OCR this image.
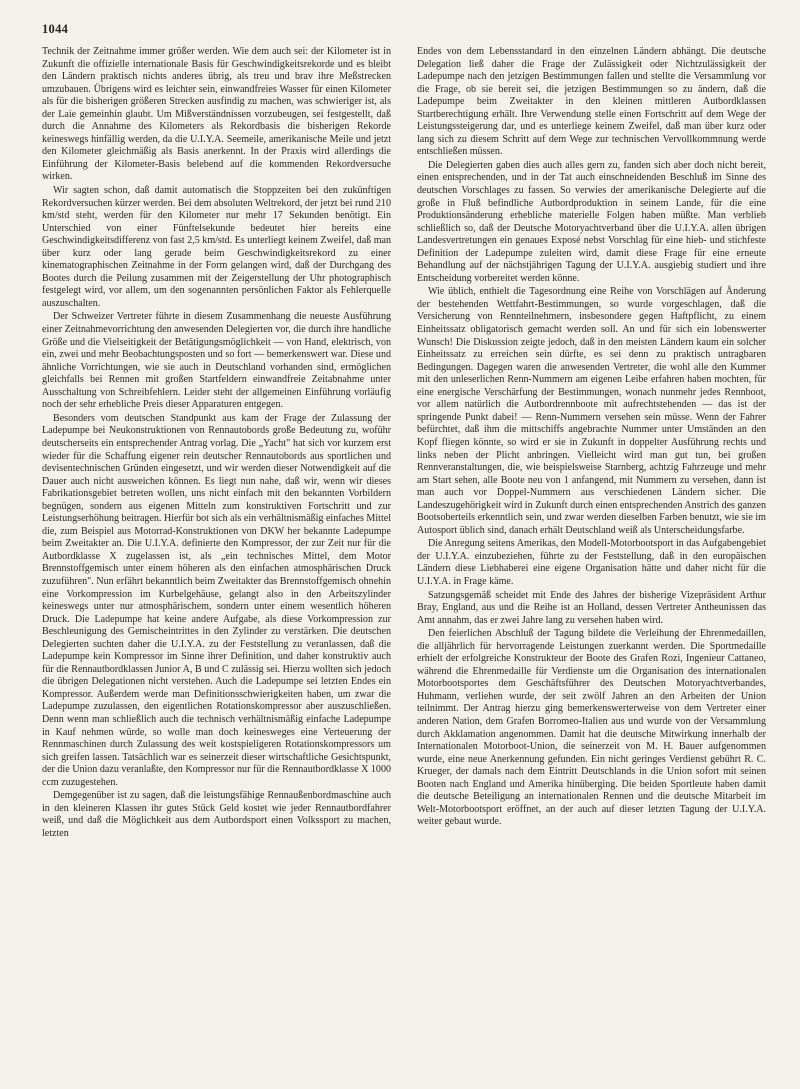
1044

Technik der Zeitnahme immer größer werden. Wie dem auch sei: der Kilometer ist in Zukunft die offizielle internationale Basis für Geschwindigkeitsrekorde und es bleibt den Ländern praktisch nichts anderes übrig, als treu und brav ihre Meßstrecken umzubauen. Übrigens wird es leichter sein, einwandfreies Wasser für einen Kilometer als für die bisherigen größeren Strecken ausfindig zu machen, was schwieriger ist, als der Laie gemeinhin glaubt. Um Mißverständnissen vorzubeugen, sei festgestellt, daß durch die Annahme des Kilometers als Rekordbasis die bisherigen Rekorde keineswegs hinfällig werden, da die U.I.Y.A. Seemeile, amerikanische Meile und jetzt den Kilometer gleichmäßig als Basis anerkennt. In der Praxis wird allerdings die Einführung der Kilometer-Basis belebend auf die kommenden Rekordversuche wirken.

Wir sagten schon, daß damit automatisch die Stoppzeiten bei den zukünftigen Rekordversuchen kürzer werden. Bei dem absoluten Weltrekord, der jetzt bei rund 210 km/std steht, werden für den Kilometer nur mehr 17 Sekunden benötigt. Ein Unterschied von einer Fünftelsekunde bedeutet hier bereits eine Geschwindigkeitsdifferenz von fast 2,5 km/std. Es unterliegt keinem Zweifel, daß man über kurz oder lang gerade beim Geschwindigkeitsrekord zu einer kinematographischen Zeitnahme in der Form gelangen wird, daß der Durchgang des Bootes durch die Peilung zusammen mit der Zeigerstellung der Uhr photographisch festgelegt wird, vor allem, um den sogenannten persönlichen Faktor als Fehlerquelle auszuschalten.

Der Schweizer Vertreter führte in diesem Zusammenhang die neueste Ausführung einer Zeitnahmevorrichtung den anwesenden Delegierten vor, die durch ihre handliche Größe und die Vielseitigkeit der Betätigungsmöglichkeit — von Hand, elektrisch, von ein, zwei und mehr Beobachtungsposten und so fort — bemerkenswert war. Diese und ähnliche Vorrichtungen, wie sie auch in Deutschland vorhanden sind, ermöglichen gleichfalls bei Rennen mit großen Startfeldern einwandfreie Zeitabnahme unter Ausschaltung von Schreibfehlern. Leider steht der allgemeinen Einführung vorläufig noch der sehr erhebliche Preis dieser Apparaturen entgegen.

Besonders vom deutschen Standpunkt aus kam der Frage der Zulassung der Ladepumpe bei Neukonstruktionen von Rennautobords große Bedeutung zu, woführ deutscherseits ein entsprechender Antrag vorlag. Die „Yacht" hat sich vor kurzem erst wieder für die Schaffung eigener rein deutscher Rennautobords aus sportlichen und devisentechnischen Gründen eingesetzt, und wir werden dieser Notwendigkeit auf die Dauer auch nicht ausweichen können. Es liegt nun nahe, daß wir, wenn wir dieses Fabrikationsgebiet betreten wollen, uns nicht einfach mit den bekannten Vorbildern begnügen, sondern aus eigenen Mitteln zum konstruktiven Fortschritt und zur Leistungserhöhung beitragen. Hierfür bot sich als ein verhältnismäßig einfaches Mittel die, zum Beispiel aus Motorrad-Konstruktionen von DKW her bekannte Ladepumpe beim Zweitakter an. Die U.I.Y.A. definierte den Kompressor, der zur Zeit nur für die Autbordklasse X zugelassen ist, als „ein technisches Mittel, dem Motor Brennstoffgemisch unter einem höheren als den einfachen atmosphärischen Druck zuzuführen". Nun erfährt bekanntlich beim Zweitakter das Brennstoffgemisch ohnehin eine Vorkompression im Kurbelgehäuse, gelangt also in den Arbeitszylinder keineswegs unter nur atmosphärischem, sondern unter einem wesentlich höheren Druck. Die Ladepumpe hat keine andere Aufgabe, als diese Vorkompression zur Beschleunigung des Gemischeintrittes in den Zylinder zu verstärken. Die deutschen Delegierten suchten daher die U.I.Y.A. zu der Feststellung zu veranlassen, daß die Ladepumpe kein Kompressor im Sinne ihrer Definition, und daher konstruktiv auch für die Rennautbordklassen Junior A, B und C zulässig sei. Hierzu wollten sich jedoch die übrigen Delegationen nicht verstehen. Auch die Ladepumpe sei letzten Endes ein Kompressor. Außerdem werde man Definitionsschwierigkeiten haben, um zwar die Ladepumpe zuzulassen, den eigentlichen Rotationskompressor aber auszuschließen. Denn wenn man schließlich auch die technisch verhältnismäßig einfache Ladepumpe in Kauf nehmen würde, so wolle man doch keinesweges eine Verteuerung der Rennmaschinen durch Zulassung des weit kostspieligeren Rotationskompressors um sich greifen lassen. Tatsächlich war es seinerzeit dieser wirtschaftliche Gesichtspunkt, der die Union dazu veranlaßte, den Kompressor nur für die Rennautbordklasse X 1000 ccm zuzugestehen.

Demgegenüber ist zu sagen, daß die leistungsfähige Rennaußenbordmaschine auch in den kleineren Klassen ihr gutes Stück Geld kostet wie jeder Rennautbordfahrer weiß, und daß die Möglichkeit aus dem Autbordsport einen Volkssport zu machen, letzten

Endes von dem Lebensstandard in den einzelnen Ländern abhängt. Die deutsche Delegation ließ daher die Frage der Zulässigkeit oder Nichtzulässigkeit der Ladepumpe nach den jetzigen Bestimmungen fallen und stellte die Versammlung vor die Frage, ob sie bereit sei, die jetzigen Bestimmungen so zu ändern, daß die Ladepumpe beim Zweitakter in den kleinen mittleren Autbordklassen Startberechtigung erhält. Ihre Verwendung stelle einen Fortschritt auf dem Wege der Leistungssteigerung dar, und es unterliege keinem Zweifel, daß man über kurz oder lang sich zu diesem Schritt auf dem Wege zur technischen Vervollkommnung werde entschließen müssen.

Die Delegierten gaben dies auch alles gern zu, fanden sich aber doch nicht bereit, einen entsprechenden, und in der Tat auch einschneidenden Beschluß im Sinne des deutschen Vorschlages zu fassen. So verwies der amerikanische Delegierte auf die große in Fluß befindliche Autbordproduktion in seinem Lande, für die eine Produktionsänderung erhebliche materielle Folgen haben müßte. Man verblieb schließlich so, daß der Deutsche Motoryachtverband über die U.I.Y.A. allen übrigen Landesvertretungen ein genaues Exposé nebst Vorschlag für eine hieb- und stichfeste Definition der Ladepumpe zuleiten wird, damit diese Frage für eine erneute Behandlung auf der nächstjährigen Tagung der U.I.Y.A. ausgiebig studiert und ihre Entscheidung vorbereitet werden könne.

Wie üblich, enthielt die Tagesordnung eine Reihe von Vorschlägen auf Änderung der bestehenden Wettfahrt-Bestimmungen, so wurde vorgeschlagen, daß die Versicherung von Rennteilnehmern, insbesondere gegen Haftpflicht, zu einem Einheitssatz obligatorisch gemacht werden soll. An und für sich ein lobenswerter Wunsch! Die Diskussion zeigte jedoch, daß in den meisten Ländern kaum ein solcher Einheitssatz zu erreichen sein dürfte, es sei denn zu praktisch untragbaren Bedingungen. Dagegen waren die anwesenden Vertreter, die wohl alle den Kummer mit den unleserlichen Renn-Nummern am eigenen Leibe erfahren haben mochten, für eine energische Verschärfung der Bestimmungen, wonach nunmehr jedes Rennboot, vor allem natürlich die Autbordrennboote mit aufrechtstehenden — das ist der springende Punkt dabei! — Renn-Nummern versehen sein müsse. Wenn der Fahrer befürchtet, daß ihm die mittschiffs angebrachte Nummer unter Umständen an den Kopf fliegen könnte, so wird er sie in Zukunft in doppelter Ausführung rechts und links neben der Plicht anbringen. Vielleicht wird man gut tun, bei großen Rennveranstaltungen, die, wie beispielsweise Starnberg, achtzig Fahrzeuge und mehr am Start sehen, alle Boote neu von 1 anfangend, mit Nummern zu versehen, dann ist man auch vor Doppel-Nummern aus verschiedenen Ländern sicher. Die Landeszugehörigkeit wird in Zukunft durch einen entsprechenden Anstrich des ganzen Bootsoberteils erkenntlich sein, und zwar werden dieselben Farben benutzt, wie sie im Autosport üblich sind, danach erhält Deutschland weiß als Unterscheidungsfarbe.

Die Anregung seitens Amerikas, den Modell-Motorbootsport in das Aufgabengebiet der U.I.Y.A. einzubeziehen, führte zu der Feststellung, daß in den europäischen Ländern diese Liebhaberei eine eigene Organisation hätte und daher nicht für die U.I.Y.A. in Frage käme.

Satzungsgemäß scheidet mit Ende des Jahres der bisherige Vizepräsident Arthur Bray, England, aus und die Reihe ist an Holland, dessen Vertreter Antheunissen das Amt annahm, das er zwei Jahre lang zu versehen haben wird.

Den feierlichen Abschluß der Tagung bildete die Verleihung der Ehrenmedaillen, die alljährlich für hervorragende Leistungen zuerkannt werden. Die Sportmedaille erhielt der erfolgreiche Konstrukteur der Boote des Grafen Rozi, Ingenieur Cattaneo, während die Ehrenmedaille für Verdienste um die Organisation des internationalen Motorbootsportes dem Geschäftsführer des Deutschen Motoryachtverbandes, Huhmann, verliehen wurde, der seit zwölf Jahren an den Arbeiten der Union teilnimmt. Der Antrag hierzu ging bemerkenswerterweise von dem Vertreter einer anderen Nation, dem Grafen Borromeo-Italien aus und wurde von der Versammlung durch Akklamation angenommen. Damit hat die deutsche Mitwirkung innerhalb der Internationalen Motorboot-Union, die seinerzeit von M. H. Bauer aufgenommen wurde, eine neue Anerkennung gefunden. Ein nicht geringes Verdienst gebührt R. C. Krueger, der damals nach dem Eintritt Deutschlands in die Union sofort mit seinen Booten nach England und Amerika hinüberging. Die beiden Sportleute haben damit die deutsche Beteiligung an internationalen Rennen und die deutsche Mitarbeit im Welt-Motorbootsport eröffnet, an der auch auf dieser letzten Tagung der U.I.Y.A. weiter gebaut wurde.
